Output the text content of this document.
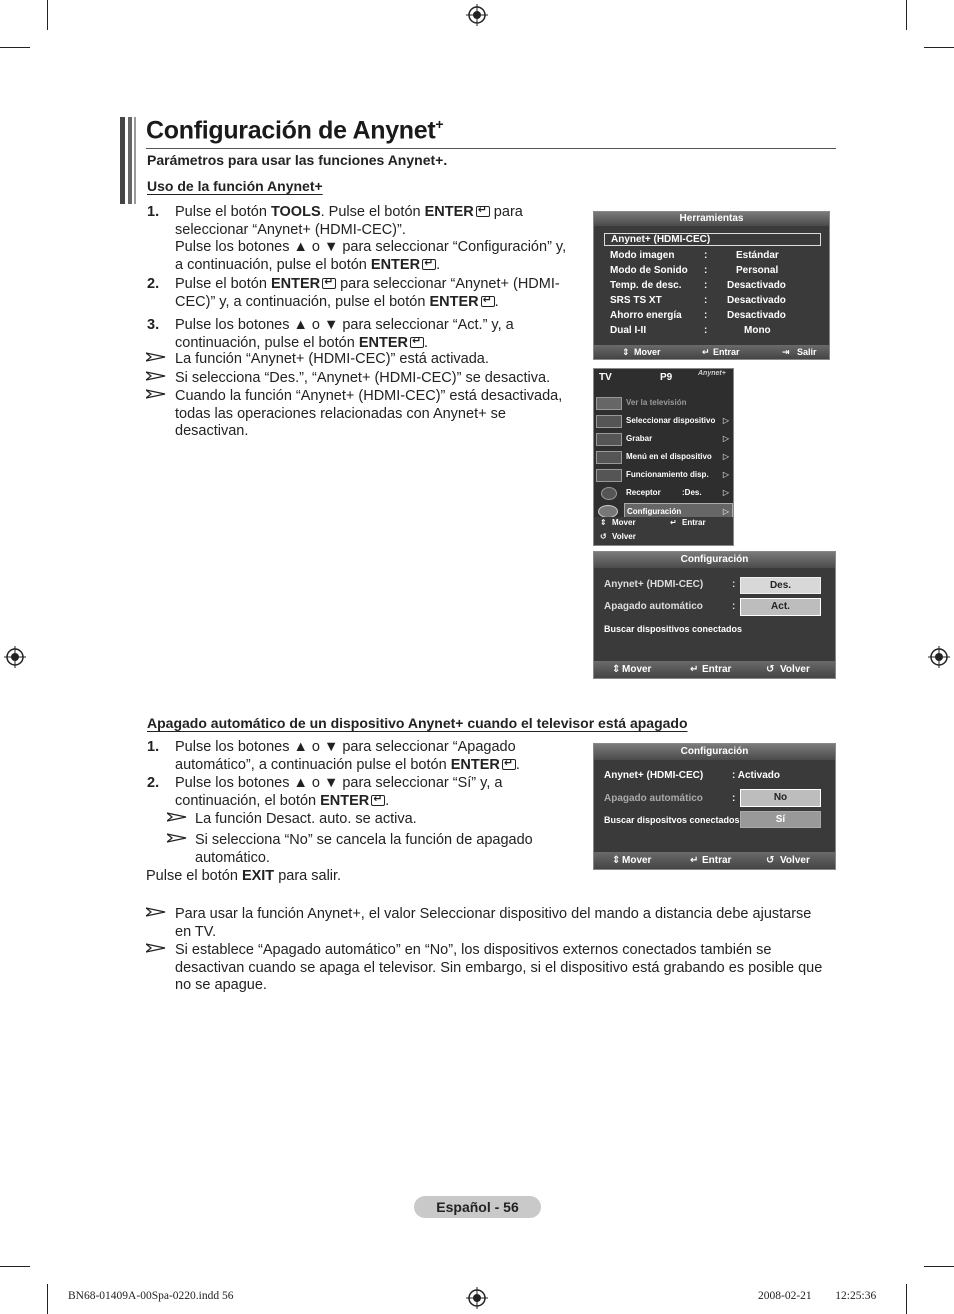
Configuración de Anynet+
Parámetros para usar las funciones Anynet+.
Uso de la función Anynet+
1. Pulse el botón TOOLS. Pulse el botón ENTER↵ para
seleccionar “Anynet+ (HDMI-CEC)”.
Pulse los botones ▲ o ▼ para seleccionar “Configuración” y,
a continuación, pulse el botón ENTER ↵ .
2. Pulse el botón ENTER↵ para seleccionar “Anynet+ (HDMI-
CEC)” y, a continuación, pulse el botón ENTER ↵ .
3. Pulse los botones ▲ o ▼ para seleccionar “Act.” y, a
continuación, pulse el botón ENTER ↵ .
La función “Anynet+ (HDMI-CEC)” está activada.
Si selecciona “Des.”, “Anynet+ (HDMI-CEC)” se desactiva.
Cuando la función “Anynet+ (HDMI-CEC)” está desactivada,
todas las operaciones relacionadas con Anynet+ se
desactivan.
Herramientas
Anynet+ (HDMI-CEC)
Modo imagen	:	Estándar
Modo de Sonido :	Personal
Temp. de desc. : Desactivado
SRS TS XT	: Desactivado
Ahorro energía : Desactivado
Dual I-II	:	Mono
⇕ Mover	↵ Entrar	⇥ Salir
TV	P9	Anynet+
Ver la televisión
Seleccionar dispositivo ▷
Grabar	▷
Menú en el dispositivo ▷
Funcionamiento disp. ▷
Receptor	:Des.	▷
Configuración	▷
⇕ Mover	↵ Entrar
↺ Volver
Configuración
Anynet+ (HDMI-CEC)	:	Des.
Apagado automático	:	Act.
Buscar dispositivos conectados
⇕ Mover	↵ Entrar	↺ Volver
Apagado automático de un dispositivo Anynet+ cuando el televisor está apagado
1. Pulse los botones ▲ o ▼ para seleccionar “Apagado
automático”, a continuación pulse el botón ENTER ↵ .
2. Pulse los botones ▲ o ▼ para seleccionar “Sí” y, a
continuación, el botón ENTER ↵ .
La función Desact. auto. se activa.
Si selecciona “No” se cancela la función de apagado
automático.
Pulse el botón EXIT para salir.
Configuración
Anynet+ (HDMI-CEC)	: Activado
Apagado automático	:	No
Buscar dispositvos conectados	Sí
⇕ Mover	↵ Entrar	↺ Volver
Para usar la función Anynet+, el valor Seleccionar dispositivo del mando a distancia debe ajustarse
en TV.
Si establece “Apagado automático” en “No”, los dispositivos externos conectados también se
desactivan cuando se apaga el televisor. Sin embargo, si el dispositivo está grabando es posible que
no se apague.
Español - 56
BN68-01409A-00Spa-0220.indd 56	2008-02-21 􀀀􀀀 12:25:36
